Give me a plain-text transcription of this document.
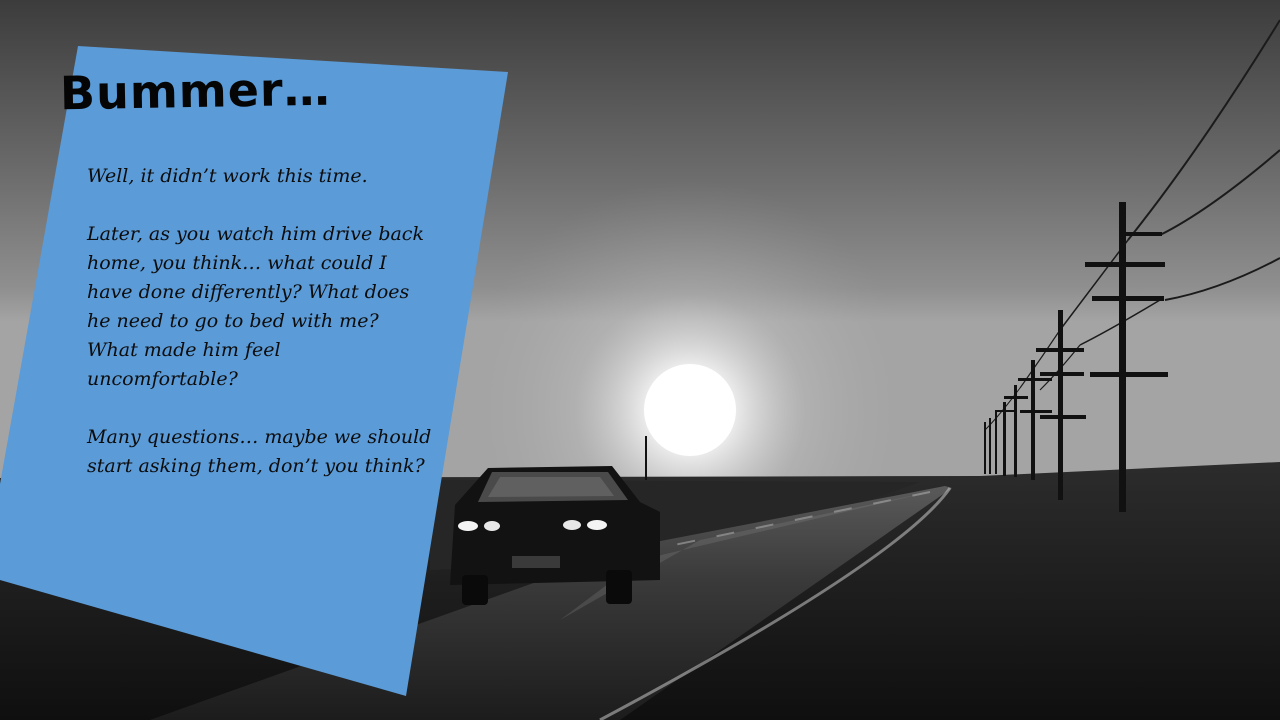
Bummer…

Well, it didn’t work this time.

Later, as you watch him drive back home, you think… what could I have done differently? What does he need to go to bed with me? What made him feel uncomfortable?

Many questions… maybe we should start asking them, don’t you think?
